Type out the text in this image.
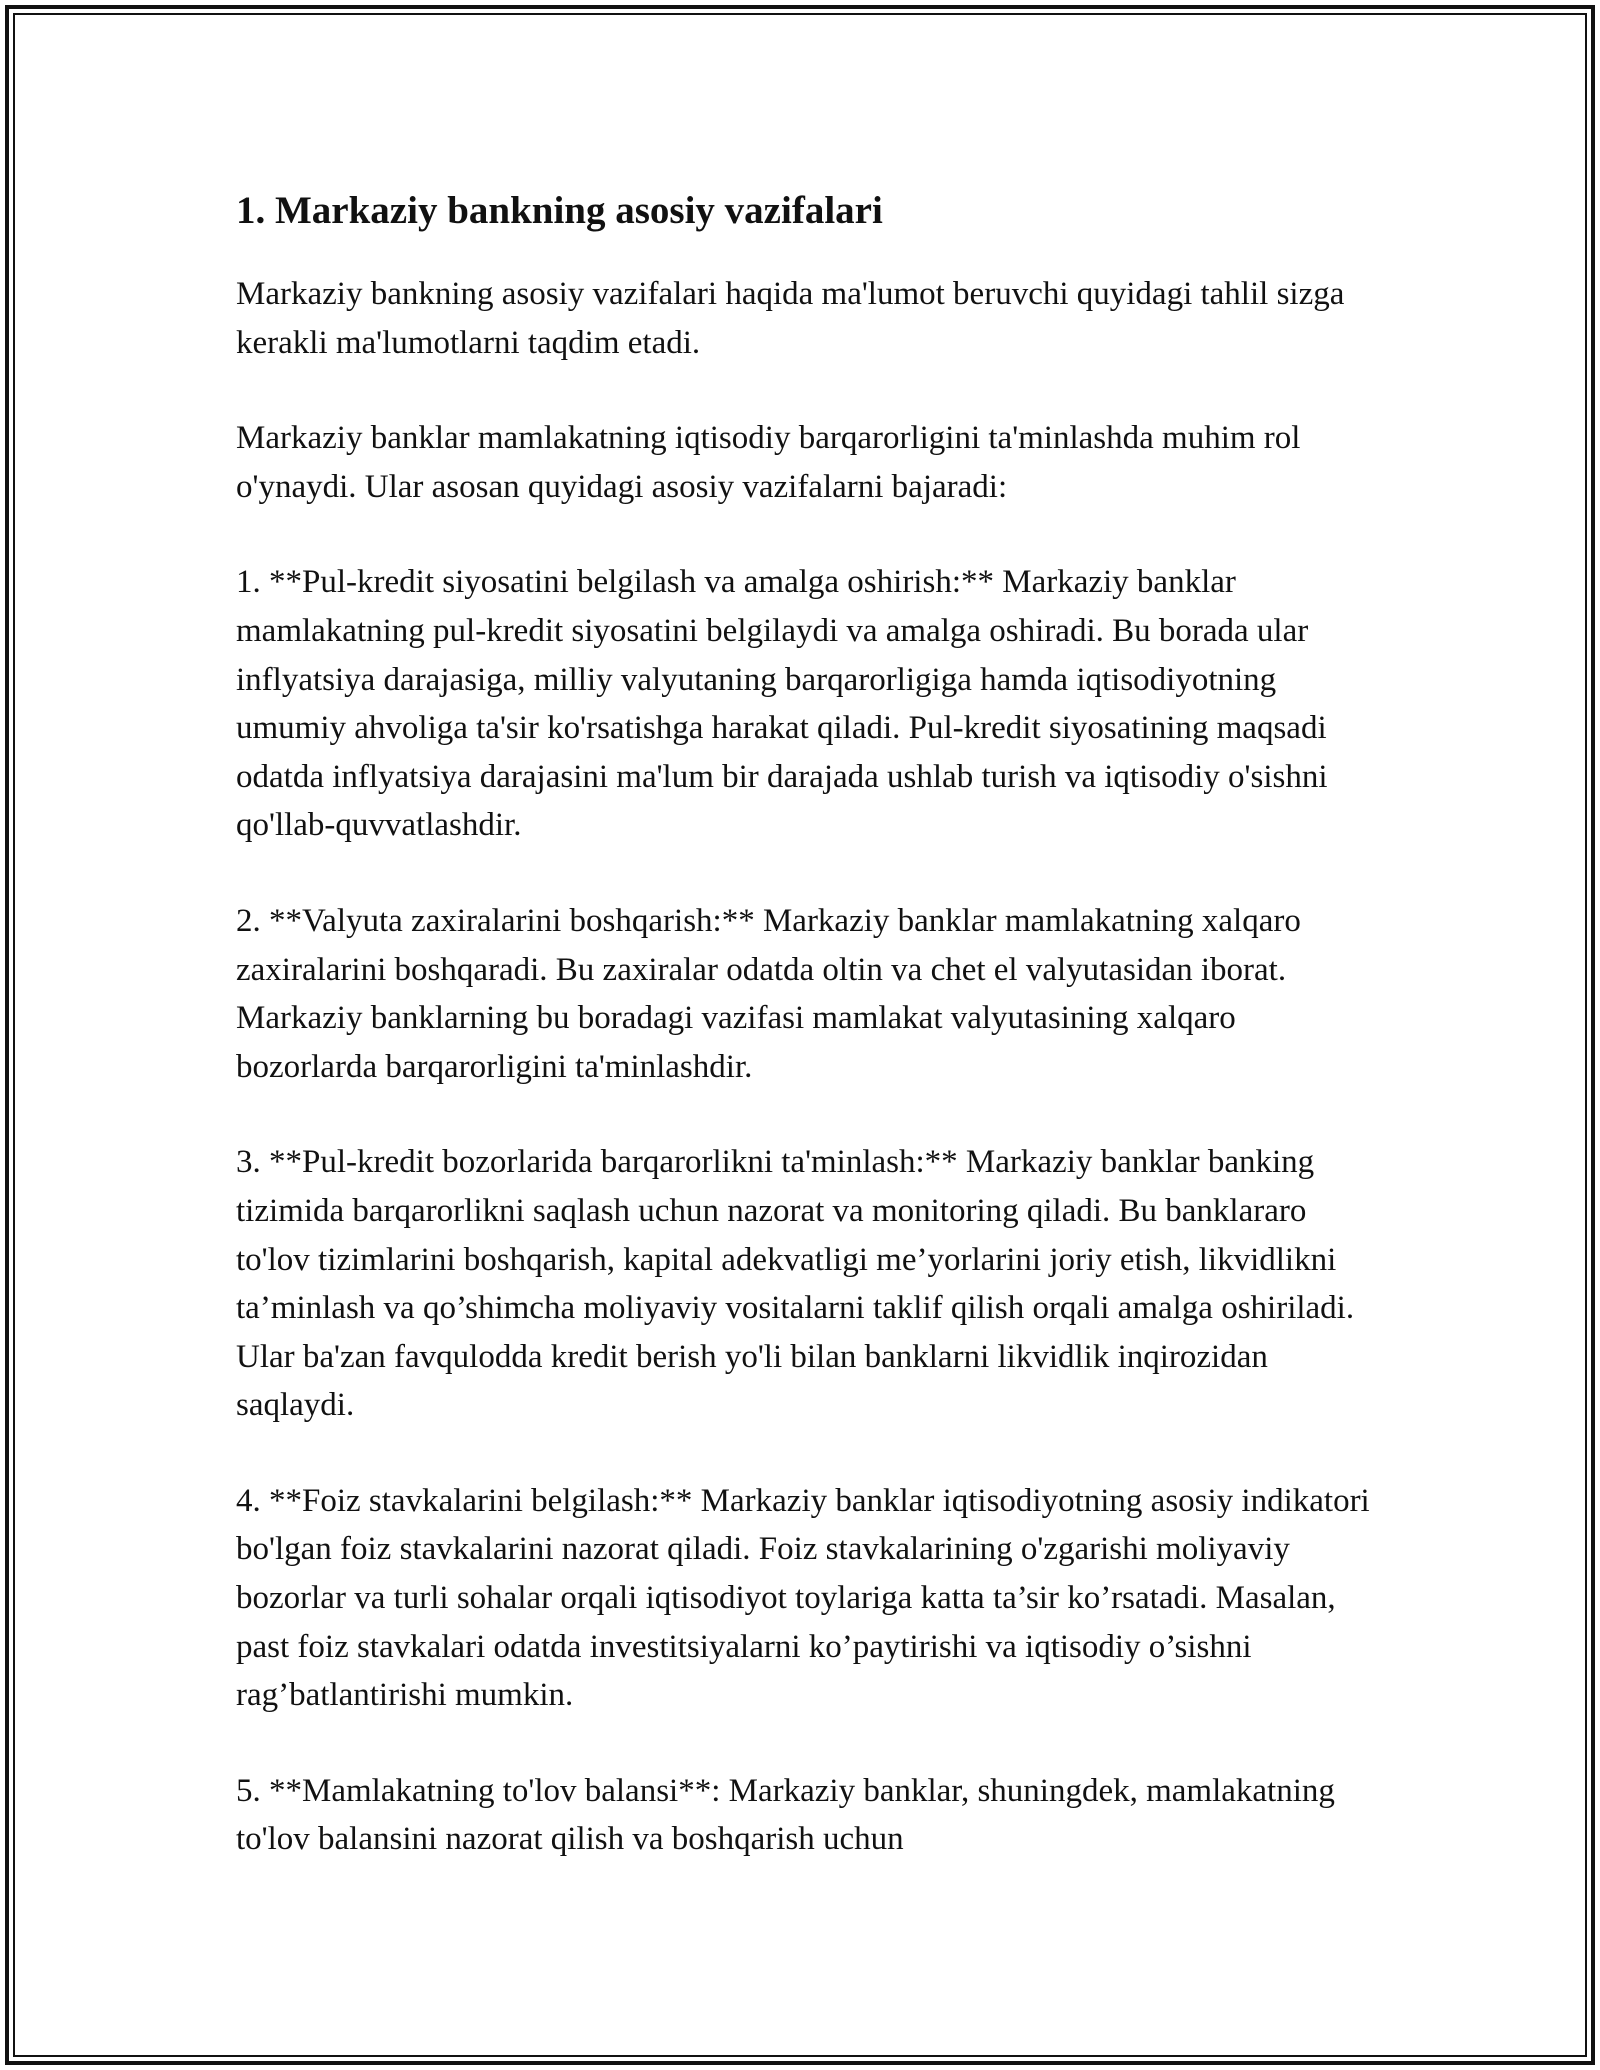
1. Markaziy bankning asosiy vazifalari

Markaziy bankning asosiy vazifalari haqida ma'lumot beruvchi quyidagi tahlil sizga kerakli ma'lumotlarni taqdim etadi.

Markaziy banklar mamlakatning iqtisodiy barqarorligini ta'minlashda muhim rol o'ynaydi. Ular asosan quyidagi asosiy vazifalarni bajaradi:

1. **Pul-kredit siyosatini belgilash va amalga oshirish:** Markaziy banklar mamlakatning pul-kredit siyosatini belgilaydi va amalga oshiradi. Bu borada ular inflyatsiya darajasiga, milliy valyutaning barqarorligiga hamda iqtisodiyotning umumiy ahvoliga ta'sir ko'rsatishga harakat qiladi. Pul-kredit siyosatining maqsadi odatda inflyatsiya darajasini ma'lum bir darajada ushlab turish va iqtisodiy o'sishni qo'llab-quvvatlashdir.

2. **Valyuta zaxiralarini boshqarish:** Markaziy banklar mamlakatning xalqaro zaxiralarini boshqaradi. Bu zaxiralar odatda oltin va chet el valyutasidan iborat. Markaziy banklarning bu boradagi vazifasi mamlakat valyutasining xalqaro bozorlarda barqarorligini ta'minlashdir.

3. **Pul-kredit bozorlarida barqarorlikni ta'minlash:** Markaziy banklar banking tizimida barqarorlikni saqlash uchun nazorat va monitoring qiladi. Bu banklararo to'lov tizimlarini boshqarish, kapital adekvatligi me’yorlarini joriy etish, likvidlikni ta’minlash va qo’shimcha moliyaviy vositalarni taklif qilish orqali amalga oshiriladi. Ular ba'zan favqulodda kredit berish yo'li bilan banklarni likvidlik inqirozidan saqlaydi.

4. **Foiz stavkalarini belgilash:** Markaziy banklar iqtisodiyotning asosiy indikatori bo'lgan foiz stavkalarini nazorat qiladi. Foiz stavkalarining o'zgarishi moliyaviy bozorlar va turli sohalar orqali iqtisodiyot toylariga katta ta’sir ko’rsatadi. Masalan, past foiz stavkalari odatda investitsiyalarni ko’paytirishi va iqtisodiy o’sishni rag’batlantirishi mumkin.

5. **Mamlakatning to'lov balansi**: Markaziy banklar, shuningdek, mamlakatning to'lov balansini nazorat qilish va boshqarish uchun
